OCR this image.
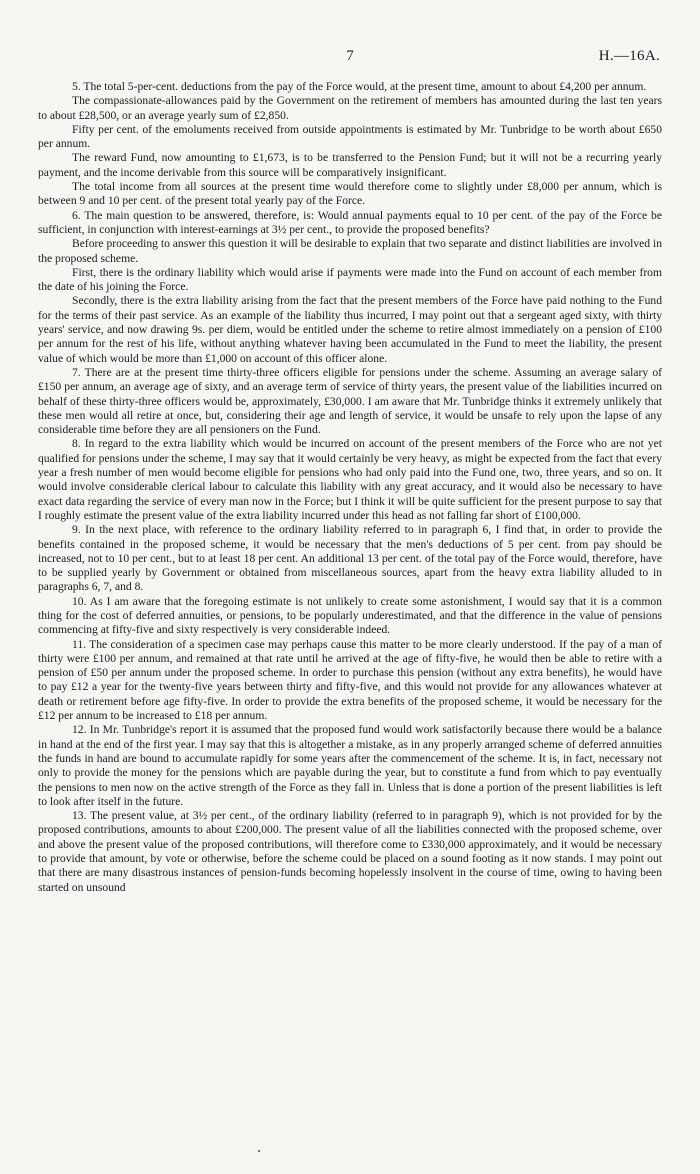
7	H.—16A.

5. The total 5-per-cent. deductions from the pay of the Force would, at the present time, amount to about £4,200 per annum.

The compassionate-allowances paid by the Government on the retirement of members has amounted during the last ten years to about £28,500, or an average yearly sum of £2,850.

Fifty per cent. of the emoluments received from outside appointments is estimated by Mr. Tunbridge to be worth about £650 per annum.

The reward Fund, now amounting to £1,673, is to be transferred to the Pension Fund; but it will not be a recurring yearly payment, and the income derivable from this source will be comparatively insignificant.

The total income from all sources at the present time would therefore come to slightly under £8,000 per annum, which is between 9 and 10 per cent. of the present total yearly pay of the Force.

6. The main question to be answered, therefore, is: Would annual payments equal to 10 per cent. of the pay of the Force be sufficient, in conjunction with interest-earnings at 3½ per cent., to provide the proposed benefits?

Before proceeding to answer this question it will be desirable to explain that two separate and distinct liabilities are involved in the proposed scheme.

First, there is the ordinary liability which would arise if payments were made into the Fund on account of each member from the date of his joining the Force.

Secondly, there is the extra liability arising from the fact that the present members of the Force have paid nothing to the Fund for the terms of their past service. As an example of the liability thus incurred, I may point out that a sergeant aged sixty, with thirty years' service, and now drawing 9s. per diem, would be entitled under the scheme to retire almost immediately on a pension of £100 per annum for the rest of his life, without anything whatever having been accumulated in the Fund to meet the liability, the present value of which would be more than £1,000 on account of this officer alone.

7. There are at the present time thirty-three officers eligible for pensions under the scheme. Assuming an average salary of £150 per annum, an average age of sixty, and an average term of service of thirty years, the present value of the liabilities incurred on behalf of these thirty-three officers would be, approximately, £30,000. I am aware that Mr. Tunbridge thinks it extremely unlikely that these men would all retire at once, but, considering their age and length of service, it would be unsafe to rely upon the lapse of any considerable time before they are all pensioners on the Fund.

8. In regard to the extra liability which would be incurred on account of the present members of the Force who are not yet qualified for pensions under the scheme, I may say that it would certainly be very heavy, as might be expected from the fact that every year a fresh number of men would become eligible for pensions who had only paid into the Fund one, two, three years, and so on. It would involve considerable clerical labour to calculate this liability with any great accuracy, and it would also be necessary to have exact data regarding the service of every man now in the Force; but I think it will be quite sufficient for the present purpose to say that I roughly estimate the present value of the extra liability incurred under this head as not falling far short of £100,000.

9. In the next place, with reference to the ordinary liability referred to in paragraph 6, I find that, in order to provide the benefits contained in the proposed scheme, it would be necessary that the men's deductions of 5 per cent. from pay should be increased, not to 10 per cent., but to at least 18 per cent. An additional 13 per cent. of the total pay of the Force would, therefore, have to be supplied yearly by Government or obtained from miscellaneous sources, apart from the heavy extra liability alluded to in paragraphs 6, 7, and 8.

10. As I am aware that the foregoing estimate is not unlikely to create some astonishment, I would say that it is a common thing for the cost of deferred annuities, or pensions, to be popularly underestimated, and that the difference in the value of pensions commencing at fifty-five and sixty respectively is very considerable indeed.

11. The consideration of a specimen case may perhaps cause this matter to be more clearly understood. If the pay of a man of thirty were £100 per annum, and remained at that rate until he arrived at the age of fifty-five, he would then be able to retire with a pension of £50 per annum under the proposed scheme. In order to purchase this pension (without any extra benefits), he would have to pay £12 a year for the twenty-five years between thirty and fifty-five, and this would not provide for any allowances whatever at death or retirement before age fifty-five. In order to provide the extra benefits of the proposed scheme, it would be necessary for the £12 per annum to be increased to £18 per annum.

12. In Mr. Tunbridge's report it is assumed that the proposed fund would work satisfactorily because there would be a balance in hand at the end of the first year. I may say that this is altogether a mistake, as in any properly arranged scheme of deferred annuities the funds in hand are bound to accumulate rapidly for some years after the commencement of the scheme. It is, in fact, necessary not only to provide the money for the pensions which are payable during the year, but to constitute a fund from which to pay eventually the pensions to men now on the active strength of the Force as they fall in. Unless that is done a portion of the present liabilities is left to look after itself in the future.

13. The present value, at 3½ per cent., of the ordinary liability (referred to in paragraph 9), which is not provided for by the proposed contributions, amounts to about £200,000. The present value of all the liabilities connected with the proposed scheme, over and above the present value of the proposed contributions, will therefore come to £330,000 approximately, and it would be necessary to provide that amount, by vote or otherwise, before the scheme could be placed on a sound footing as it now stands. I may point out that there are many disastrous instances of pension-funds becoming hopelessly insolvent in the course of time, owing to having been started on unsound
